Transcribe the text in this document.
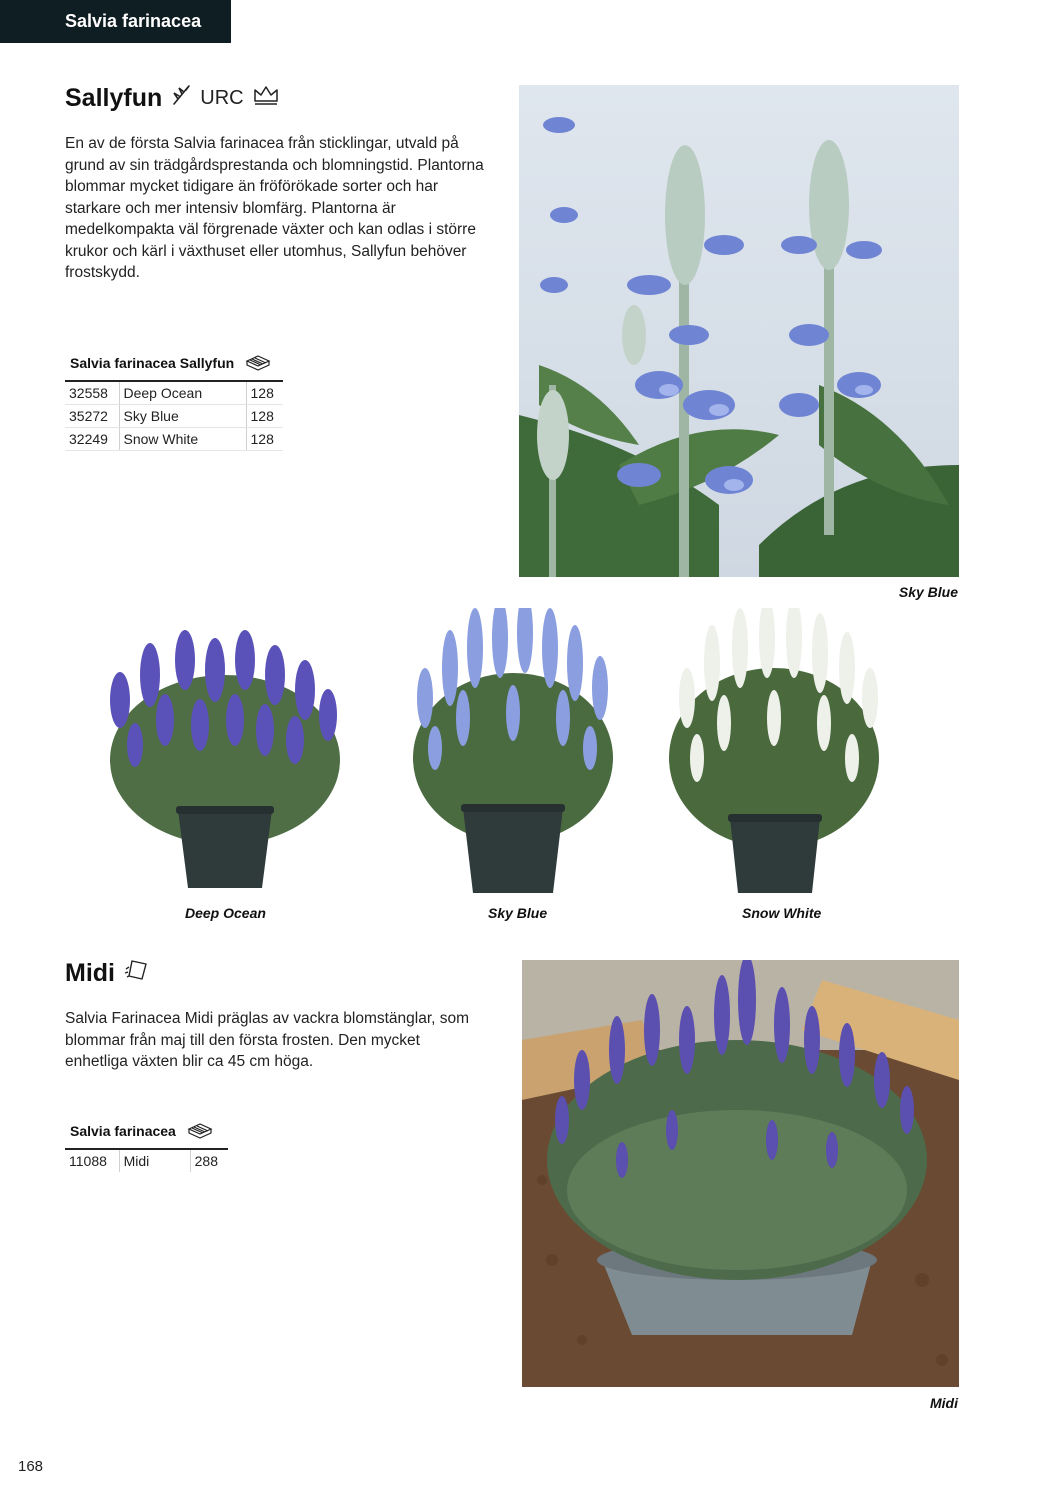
Salvia farinacea
Sallyfun URC
En av de första Salvia farinacea från sticklingar, utvald på grund av sin trädgårdsprestanda och blomningstid. Plantorna blommar mycket tidigare än fröförökade sorter och har starkare och mer intensiv blomfärg. Plantorna är medelkompakta väl förgrenade växter och kan odlas i större krukor och kärl i växthuset eller utomhus, Sallyfun behöver frostskydd.
Salvia farinacea Sallyfun
32558	Deep Ocean	128
35272	Sky Blue	128
32249	Snow White	128
Sky Blue
Deep Ocean	Sky Blue	Snow White
Midi
Salvia Farinacea Midi präglas av vackra blomstänglar, som blommar från maj till den första frosten. Den mycket enhetliga växten blir ca 45 cm höga.
Salvia farinacea
11088	Midi	288
Midi
168
